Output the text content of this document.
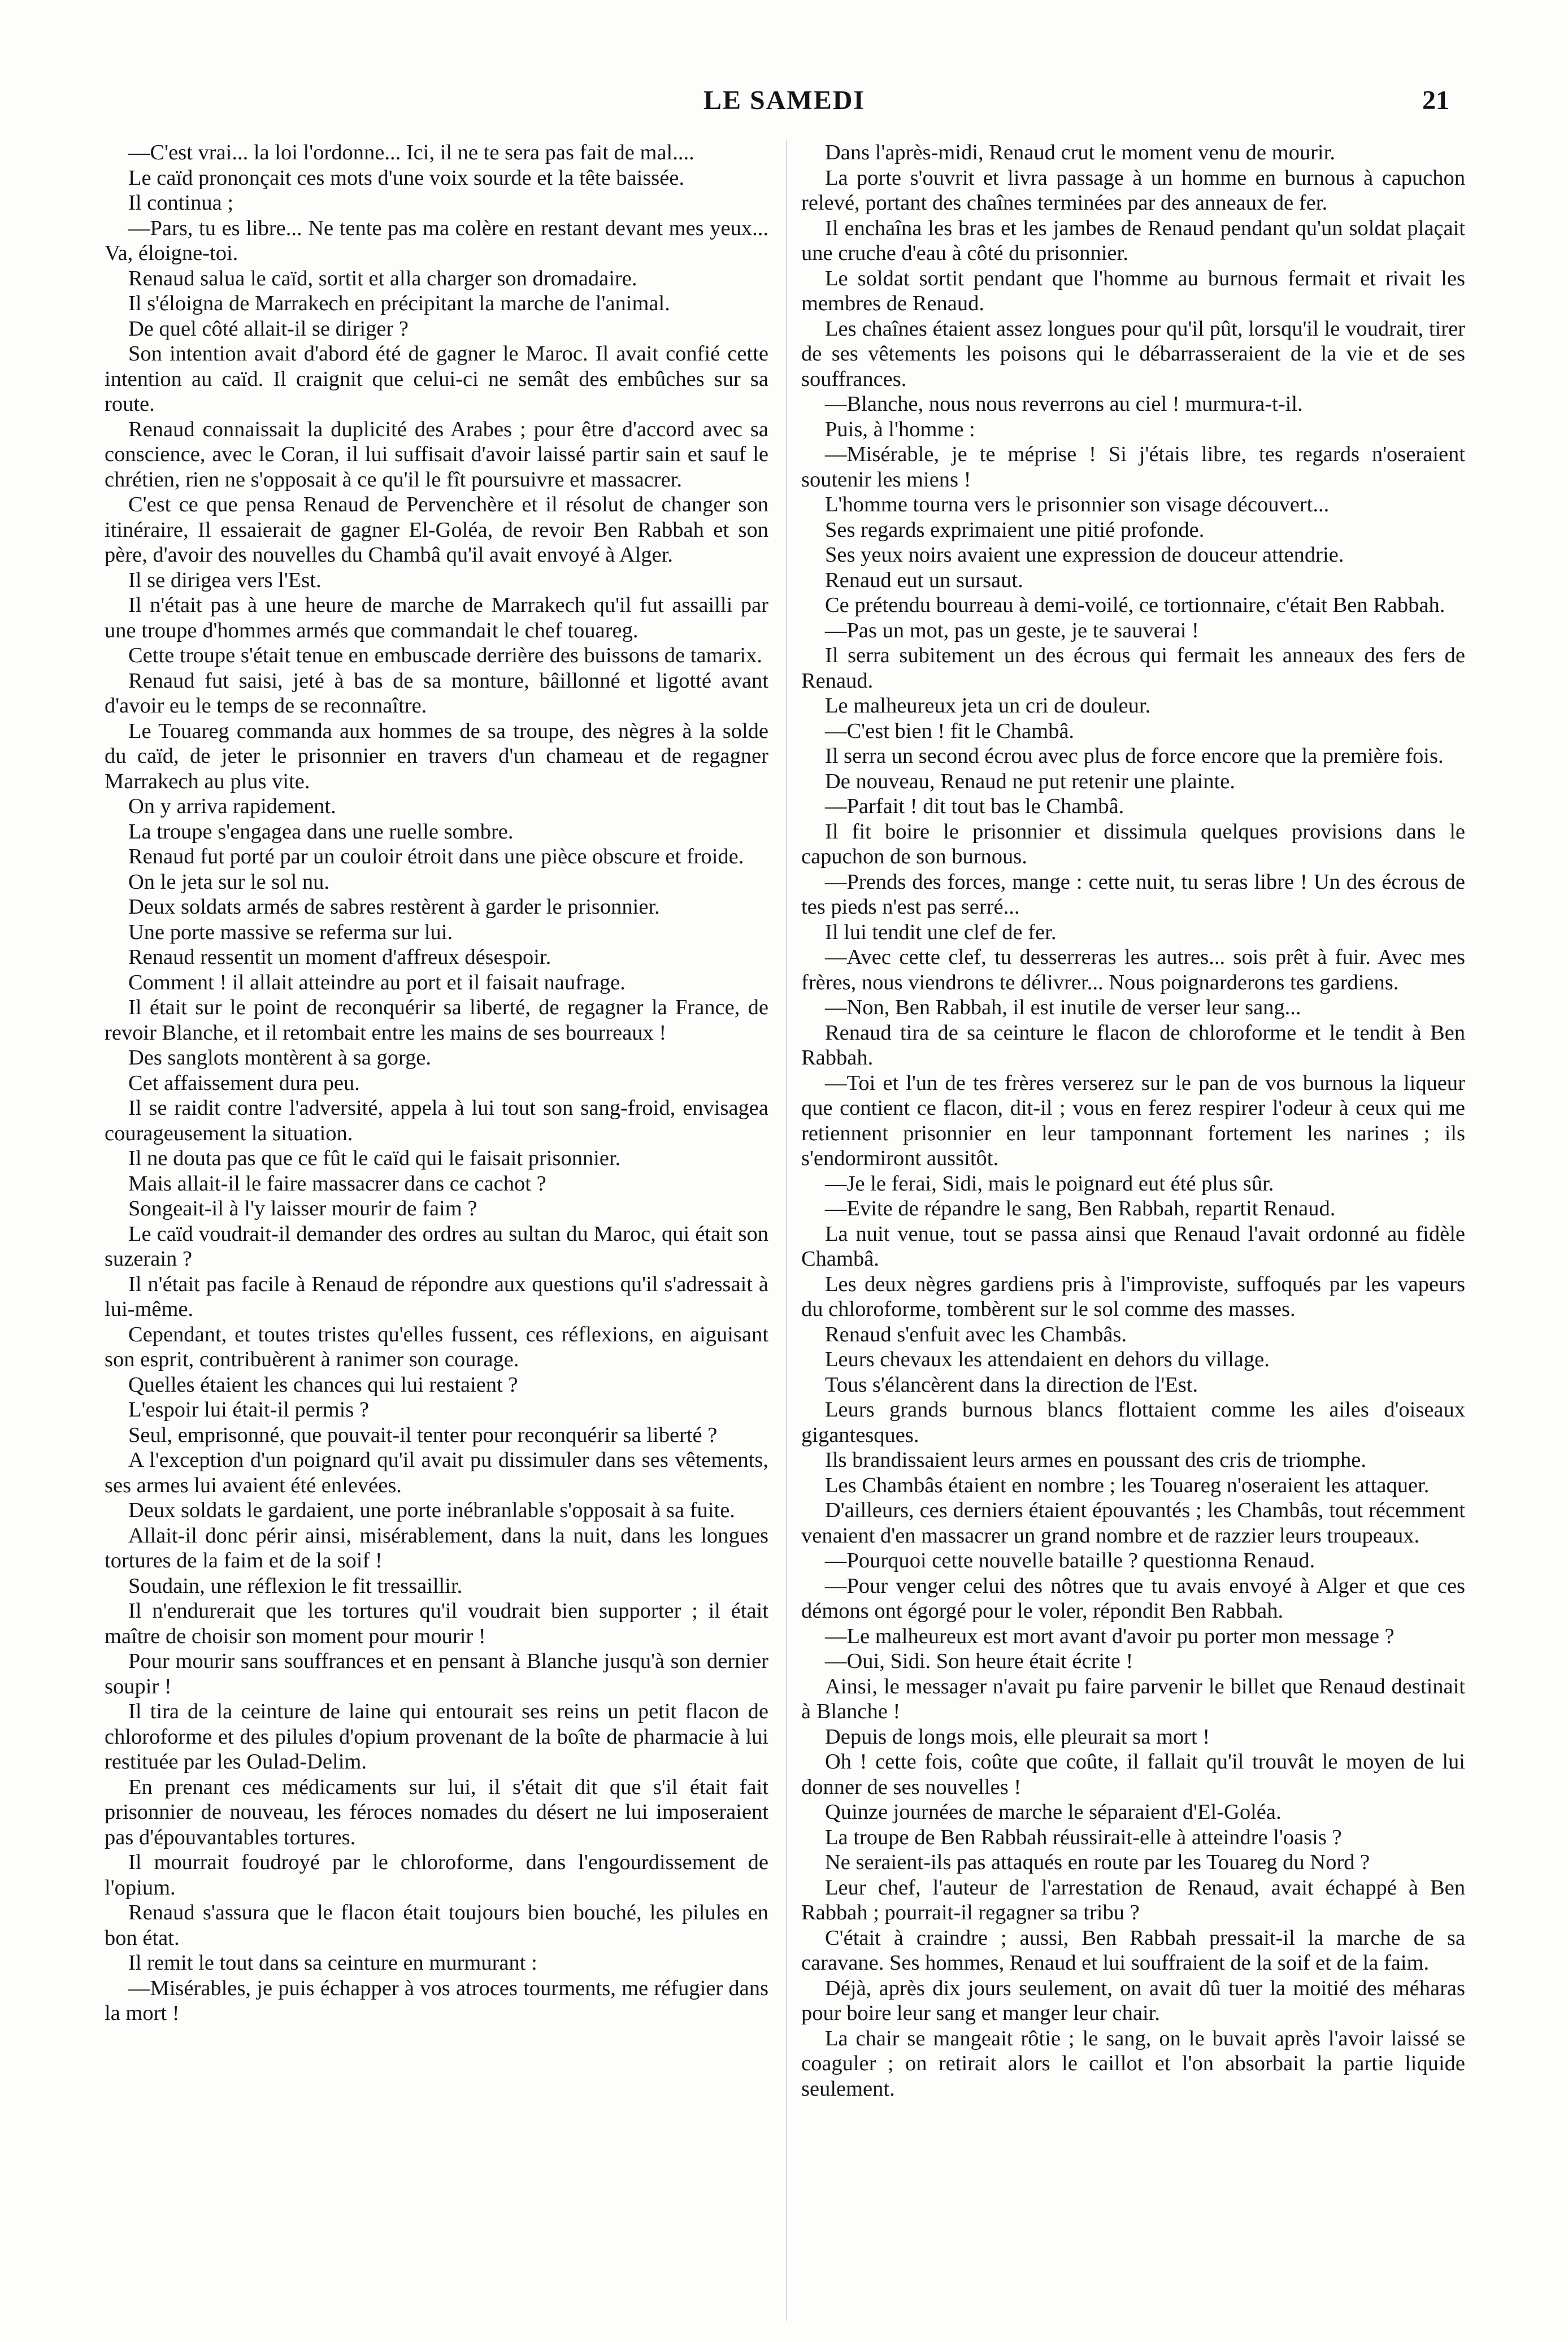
LE SAMEDI	21

—C'est vrai... la loi l'ordonne... Ici, il ne te sera pas fait de mal....

Le caïd prononçait ces mots d'une voix sourde et la tête baissée.

Il continua ;

—Pars, tu es libre... Ne tente pas ma colère en restant devant mes yeux... Va, éloigne-toi.

Renaud salua le caïd, sortit et alla charger son dromadaire.

Il s'éloigna de Marrakech en précipitant la marche de l'animal.

De quel côté allait-il se diriger ?

Son intention avait d'abord été de gagner le Maroc. Il avait confié cette intention au caïd. Il craignit que celui-ci ne semât des embûches sur sa route.

Renaud connaissait la duplicité des Arabes ; pour être d'accord avec sa conscience, avec le Coran, il lui suffisait d'avoir laissé partir sain et sauf le chrétien, rien ne s'opposait à ce qu'il le fît poursuivre et massacrer.

C'est ce que pensa Renaud de Pervenchère et il résolut de changer son itinéraire, Il essaierait de gagner El-Goléa, de revoir Ben Rabbah et son père, d'avoir des nouvelles du Chambâ qu'il avait envoyé à Alger.

Il se dirigea vers l'Est.

Il n'était pas à une heure de marche de Marrakech qu'il fut assailli par une troupe d'hommes armés que commandait le chef touareg.

Cette troupe s'était tenue en embuscade derrière des buissons de tamarix.

Renaud fut saisi, jeté à bas de sa monture, bâillonné et ligotté avant d'avoir eu le temps de se reconnaître.

Le Touareg commanda aux hommes de sa troupe, des nègres à la solde du caïd, de jeter le prisonnier en travers d'un chameau et de regagner Marrakech au plus vite.

On y arriva rapidement.

La troupe s'engagea dans une ruelle sombre.

Renaud fut porté par un couloir étroit dans une pièce obscure et froide.

On le jeta sur le sol nu.

Deux soldats armés de sabres restèrent à garder le prisonnier.

Une porte massive se referma sur lui.

Renaud ressentit un moment d'affreux désespoir.

Comment ! il allait atteindre au port et il faisait naufrage.

Il était sur le point de reconquérir sa liberté, de regagner la France, de revoir Blanche, et il retombait entre les mains de ses bourreaux !

Des sanglots montèrent à sa gorge.

Cet affaissement dura peu.

Il se raidit contre l'adversité, appela à lui tout son sang-froid, envisagea courageusement la situation.

Il ne douta pas que ce fût le caïd qui le faisait prisonnier.

Mais allait-il le faire massacrer dans ce cachot ?

Songeait-il à l'y laisser mourir de faim ?

Le caïd voudrait-il demander des ordres au sultan du Maroc, qui était son suzerain ?

Il n'était pas facile à Renaud de répondre aux questions qu'il s'adressait à lui-même.

Cependant, et toutes tristes qu'elles fussent, ces réflexions, en aiguisant son esprit, contribuèrent à ranimer son courage.

Quelles étaient les chances qui lui restaient ?

L'espoir lui était-il permis ?

Seul, emprisonné, que pouvait-il tenter pour reconquérir sa liberté ?

A l'exception d'un poignard qu'il avait pu dissimuler dans ses vêtements, ses armes lui avaient été enlevées.

Deux soldats le gardaient, une porte inébranlable s'opposait à sa fuite.

Allait-il donc périr ainsi, misérablement, dans la nuit, dans les longues tortures de la faim et de la soif !

Soudain, une réflexion le fit tressaillir.

Il n'endurerait que les tortures qu'il voudrait bien supporter ; il était maître de choisir son moment pour mourir !

Pour mourir sans souffrances et en pensant à Blanche jusqu'à son dernier soupir !

Il tira de la ceinture de laine qui entourait ses reins un petit flacon de chloroforme et des pilules d'opium provenant de la boîte de pharmacie à lui restituée par les Oulad-Delim.

En prenant ces médicaments sur lui, il s'était dit que s'il était fait prisonnier de nouveau, les féroces nomades du désert ne lui imposeraient pas d'épouvantables tortures.

Il mourrait foudroyé par le chloroforme, dans l'engourdissement de l'opium.

Renaud s'assura que le flacon était toujours bien bouché, les pilules en bon état.

Il remit le tout dans sa ceinture en murmurant :

—Misérables, je puis échapper à vos atroces tourments, me réfugier dans la mort !

Dans l'après-midi, Renaud crut le moment venu de mourir.

La porte s'ouvrit et livra passage à un homme en burnous à capuchon relevé, portant des chaînes terminées par des anneaux de fer.

Il enchaîna les bras et les jambes de Renaud pendant qu'un soldat plaçait une cruche d'eau à côté du prisonnier.

Le soldat sortit pendant que l'homme au burnous fermait et rivait les membres de Renaud.

Les chaînes étaient assez longues pour qu'il pût, lorsqu'il le voudrait, tirer de ses vêtements les poisons qui le débarrasseraient de la vie et de ses souffrances.

—Blanche, nous nous reverrons au ciel ! murmura-t-il.

Puis, à l'homme :

—Misérable, je te méprise ! Si j'étais libre, tes regards n'oseraient soutenir les miens !

L'homme tourna vers le prisonnier son visage découvert...

Ses regards exprimaient une pitié profonde.

Ses yeux noirs avaient une expression de douceur attendrie.

Renaud eut un sursaut.

Ce prétendu bourreau à demi-voilé, ce tortionnaire, c'était Ben Rabbah.

—Pas un mot, pas un geste, je te sauverai !

Il serra subitement un des écrous qui fermait les anneaux des fers de Renaud.

Le malheureux jeta un cri de douleur.

—C'est bien ! fit le Chambâ.

Il serra un second écrou avec plus de force encore que la première fois.

De nouveau, Renaud ne put retenir une plainte.

—Parfait ! dit tout bas le Chambâ.

Il fit boire le prisonnier et dissimula quelques provisions dans le capuchon de son burnous.

—Prends des forces, mange : cette nuit, tu seras libre ! Un des écrous de tes pieds n'est pas serré...

Il lui tendit une clef de fer.

—Avec cette clef, tu desserreras les autres... sois prêt à fuir. Avec mes frères, nous viendrons te délivrer... Nous poignarderons tes gardiens.

—Non, Ben Rabbah, il est inutile de verser leur sang...

Renaud tira de sa ceinture le flacon de chloroforme et le tendit à Ben Rabbah.

—Toi et l'un de tes frères verserez sur le pan de vos burnous la liqueur que contient ce flacon, dit-il ; vous en ferez respirer l'odeur à ceux qui me retiennent prisonnier en leur tamponnant fortement les narines ; ils s'endormiront aussitôt.

—Je le ferai, Sidi, mais le poignard eut été plus sûr.

—Evite de répandre le sang, Ben Rabbah, repartit Renaud.

La nuit venue, tout se passa ainsi que Renaud l'avait ordonné au fidèle Chambâ.

Les deux nègres gardiens pris à l'improviste, suffoqués par les vapeurs du chloroforme, tombèrent sur le sol comme des masses.

Renaud s'enfuit avec les Chambâs.

Leurs chevaux les attendaient en dehors du village.

Tous s'élancèrent dans la direction de l'Est.

Leurs grands burnous blancs flottaient comme les ailes d'oiseaux gigantesques.

Ils brandissaient leurs armes en poussant des cris de triomphe.

Les Chambâs étaient en nombre ; les Touareg n'oseraient les attaquer.

D'ailleurs, ces derniers étaient épouvantés ; les Chambâs, tout récemment venaient d'en massacrer un grand nombre et de razzier leurs troupeaux.

—Pourquoi cette nouvelle bataille ? questionna Renaud.

—Pour venger celui des nôtres que tu avais envoyé à Alger et que ces démons ont égorgé pour le voler, répondit Ben Rabbah.

—Le malheureux est mort avant d'avoir pu porter mon message ?

—Oui, Sidi. Son heure était écrite !

Ainsi, le messager n'avait pu faire parvenir le billet que Renaud destinait à Blanche !

Depuis de longs mois, elle pleurait sa mort !

Oh ! cette fois, coûte que coûte, il fallait qu'il trouvât le moyen de lui donner de ses nouvelles !

Quinze journées de marche le séparaient d'El-Goléa.

La troupe de Ben Rabbah réussirait-elle à atteindre l'oasis ?

Ne seraient-ils pas attaqués en route par les Touareg du Nord ?

Leur chef, l'auteur de l'arrestation de Renaud, avait échappé à Ben Rabbah ; pourrait-il regagner sa tribu ?

C'était à craindre ; aussi, Ben Rabbah pressait-il la marche de sa caravane. Ses hommes, Renaud et lui souffraient de la soif et de la faim.

Déjà, après dix jours seulement, on avait dû tuer la moitié des méharas pour boire leur sang et manger leur chair.

La chair se mangeait rôtie ; le sang, on le buvait après l'avoir laissé se coaguler ; on retirait alors le caillot et l'on absorbait la partie liquide seulement.
